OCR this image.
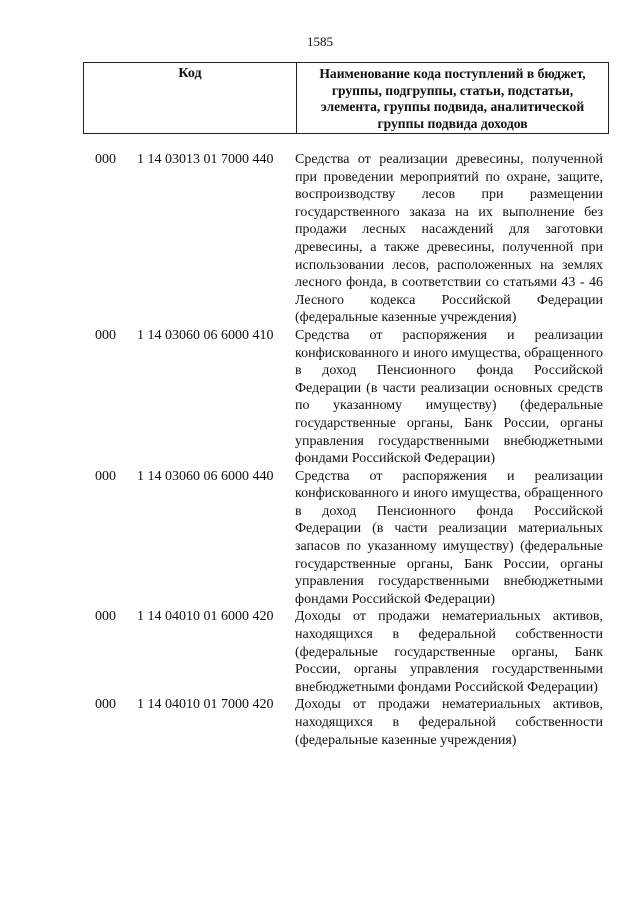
1585
Код	Наименование кода поступлений в бюджет, группы, подгруппы, статьи, подстатьи, элемента, группы подвида, аналитической группы подвида доходов
000 1 14 03013 01 7000 440 Средства от реализации древесины, полученной при проведении мероприятий по охране, защите, воспроизводству лесов при размещении государственного заказа на их выполнение без продажи лесных насаждений для заготовки древесины, а также древесины, полученной при использовании лесов, расположенных на землях лесного фонда, в соответствии со статьями 43 - 46 Лесного кодекса Российской Федерации (федеральные казенные учреждения)
000 1 14 03060 06 6000 410 Средства от распоряжения и реализации конфискованного и иного имущества, обращенного в доход Пенсионного фонда Российской Федерации (в части реализации основных средств по указанному имуществу) (федеральные государственные органы, Банк России, органы управления государственными внебюджетными фондами Российской Федерации)
000 1 14 03060 06 6000 440 Средства от распоряжения и реализации конфискованного и иного имущества, обращенного в доход Пенсионного фонда Российской Федерации (в части реализации материальных запасов по указанному имуществу) (федеральные государственные органы, Банк России, органы управления государственными внебюджетными фондами Российской Федерации)
000 1 14 04010 01 6000 420 Доходы от продажи нематериальных активов, находящихся в федеральной собственности (федеральные государственные органы, Банк России, органы управления государственными внебюджетными фондами Российской Федерации)
000 1 14 04010 01 7000 420 Доходы от продажи нематериальных активов, находящихся в федеральной собственности (федеральные казенные учреждения)
